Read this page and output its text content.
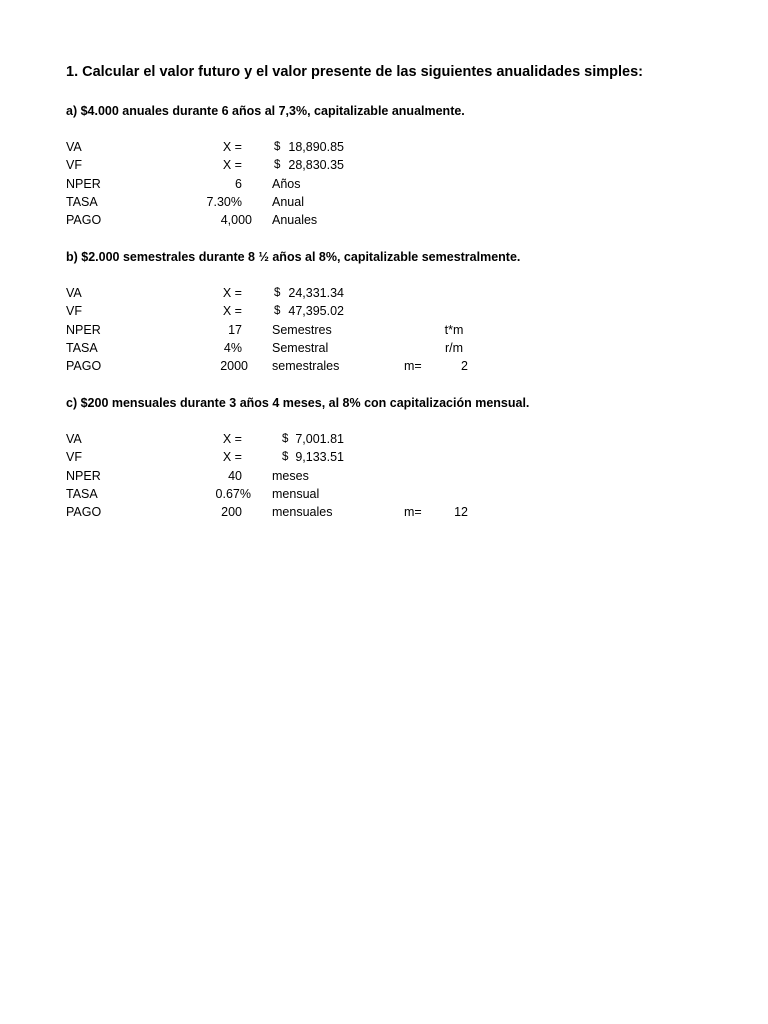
1. Calcular el valor futuro y el valor presente de las siguientes anualidades simples:
a) $4.000 anuales durante 6 años al 7,3%, capitalizable anualmente.
VA	X =	$ 18,890.85
VF	X =	$ 28,830.35
NPER	6 Años
TASA	7.30% Anual
PAGO	4,000 Anuales
b) $2.000 semestrales durante 8 ½ años al 8%, capitalizable semestralmente.
VA	X =	$ 24,331.34
VF	X =	$ 47,395.02
NPER	17 Semestres	t*m
TASA	4% Semestral	r/m
PAGO	2000 semestrales	m=	2
c) $200 mensuales durante 3 años 4 meses, al 8% con capitalización mensual.
VA	X =	$ 7,001.81
VF	X =	$ 9,133.51
NPER	40 meses
TASA	0.67% mensual
PAGO	200 mensuales	m=	12
